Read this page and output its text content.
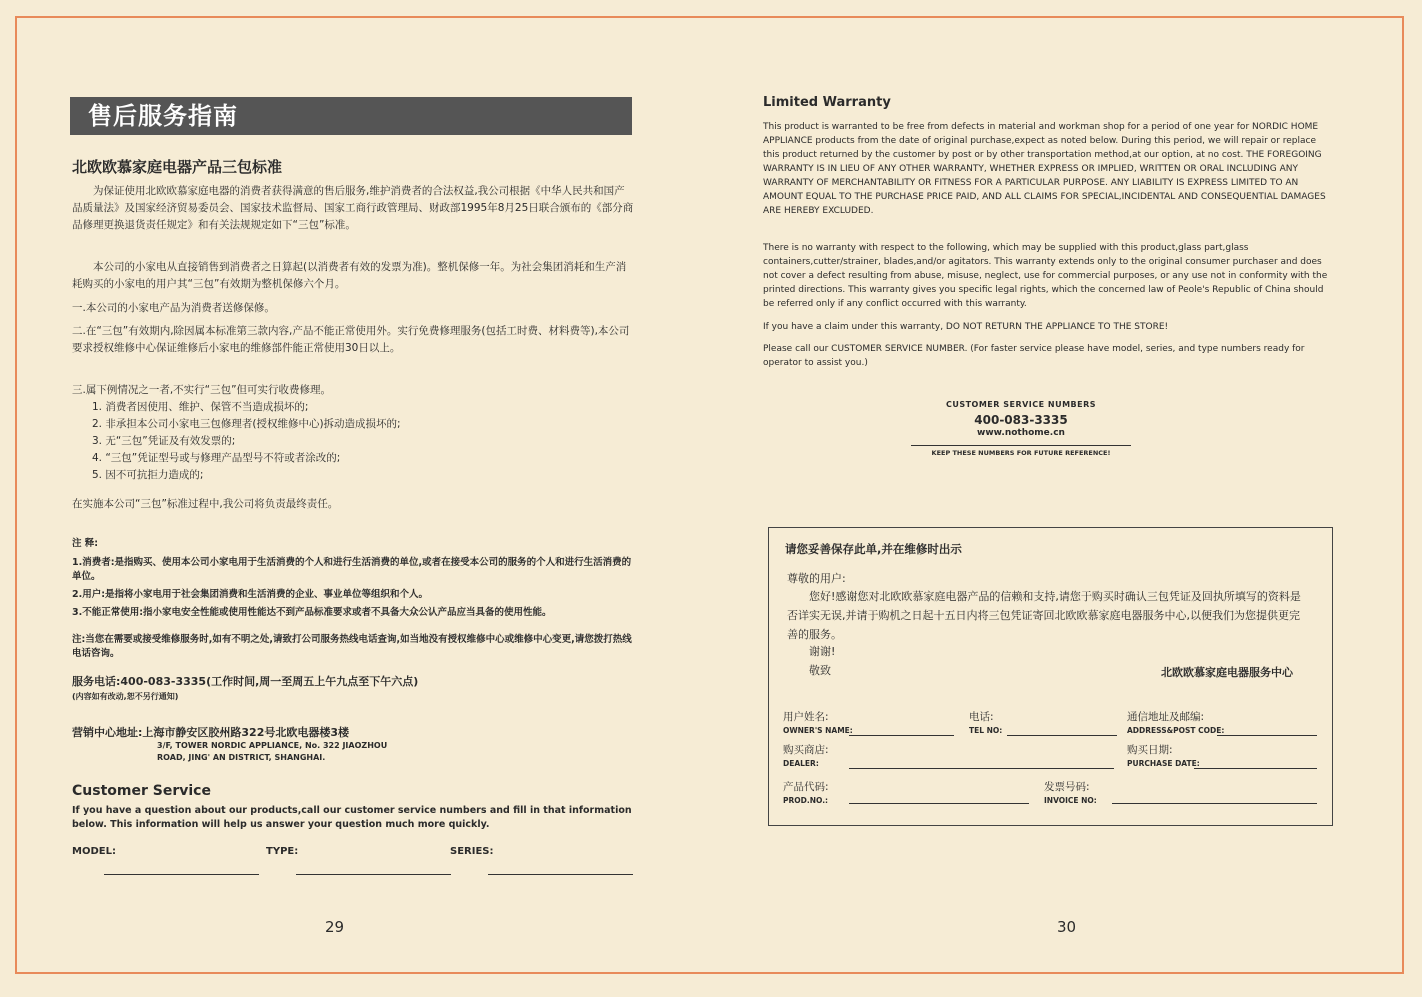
售后服务指南
北欧欧慕家庭电器产品三包标准
为保证使用北欧欧慕家庭电器的消费者获得满意的售后服务,维护消费者的合法权益,我公司根据《中华人民共和国产品质量法》及国家经济贸易委员会、国家技术监督局、国家工商行政管理局、财政部1995年8月25日联合颁布的《部分商品修理更换退货责任规定》和有关法规规定如下“三包”标准。
本公司的小家电从直接销售到消费者之日算起(以消费者有效的发票为准)。整机保修一年。为社会集团消耗和生产消耗购买的小家电的用户其“三包”有效期为整机保修六个月。
一.本公司的小家电产品为消费者送修保修。
二.在“三包”有效期内,除因属本标准第三款内容,产品不能正常使用外。实行免费修理服务(包括工时费、材料费等),本公司要求授权维修中心保证维修后小家电的维修部件能正常使用30日以上。
三.属下例情况之一者,不实行“三包”但可实行收费修理。
1. 消费者因使用、维护、保管不当造成损坏的;
2. 非承担本公司小家电三包修理者(授权维修中心)拆动造成损坏的;
3. 无“三包”凭证及有效发票的;
4. “三包”凭证型号或与修理产品型号不符或者涂改的;
5. 因不可抗拒力造成的;
在实施本公司“三包”标准过程中,我公司将负责最终责任。
注 释:
1.消费者:是指购买、使用本公司小家电用于生活消费的个人和进行生活消费的单位,或者在接受本公司的服务的个人和进行生活消费的单位。
2.用户:是指将小家电用于社会集团消费和生活消费的企业、事业单位等组织和个人。
3.不能正常使用:指小家电安全性能或使用性能达不到产品标准要求或者不具备大众公认产品应当具备的使用性能。
注:当您在需要或接受维修服务时,如有不明之处,请致打公司服务热线电话查询,如当地没有授权维修中心或维修中心变更,请您拨打热线电话咨询。
服务电话:400-083-3335(工作时间,周一至周五上午九点至下午六点)
(内容如有改动,恕不另行通知)
营销中心地址:上海市静安区胶州路322号北欧电器楼3楼
3/F, TOWER NORDIC APPLIANCE, No. 322 JIAOZHOU ROAD, JING' AN DISTRICT, SHANGHAI.
Customer Service
If you have a question about our products,call our customer service numbers and fill in that information below. This information will help us answer your question much more quickly.
MODEL:	TYPE:	SERIES:
29
Limited Warranty
This product is warranted to be free from defects in material and workman shop for a period of one year for NORDIC HOME APPLIANCE products from the date of original purchase,expect as noted below. During this period, we will repair or replace this product returned by the customer by post or by other transportation method,at our option, at no cost. THE FOREGOING WARRANTY IS IN LIEU OF ANY OTHER WARRANTY, WHETHER EXPRESS OR IMPLIED, WRITTEN OR ORAL INCLUDING ANY WARRANTY OF MERCHANTABILITY OR FITNESS FOR A PARTICULAR PURPOSE. ANY LIABILITY IS EXPRESS LIMITED TO AN AMOUNT EQUAL TO THE PURCHASE PRICE PAID, AND ALL CLAIMS FOR SPECIAL,INCIDENTAL AND CONSEQUENTIAL DAMAGES ARE HEREBY EXCLUDED.
There is no warranty with respect to the following, which may be supplied with this product,glass part,glass containers,cutter/strainer, blades,and/or agitators. This warranty extends only to the original consumer purchaser and does not cover a defect resulting from abuse, misuse, neglect, use for commercial purposes, or any use not in conformity with the printed directions. This warranty gives you specific legal rights, which the concerned law of Peole's Republic of China should be referred only if any conflict occurred with this warranty.
If you have a claim under this warranty, DO NOT RETURN THE APPLIANCE TO THE STORE!
Please call our CUSTOMER SERVICE NUMBER. (For faster service please have model, series, and type numbers ready for operator to assist you.)
CUSTOMER SERVICE NUMBERS
400-083-3335
www.nothome.cn
KEEP THESE NUMBERS FOR FUTURE REFERENCE!
请您妥善保存此单,并在维修时出示
尊敬的用户:
您好!感谢您对北欧欧慕家庭电器产品的信赖和支持,请您于购买时确认三包凭证及回执所填写的资料是否详实无误,并请于购机之日起十五日内将三包凭证寄回北欧欧慕家庭电器服务中心,以便我们为您提供更完善的服务。
谢谢!
敬致	北欧欧慕家庭电器服务中心
用户姓名:
OWNER'S NAME:
电话:
TEL NO:
通信地址及邮编:
ADDRESS&POST CODE:
购买商店:
DEALER:
购买日期:
PURCHASE DATE:
产品代码:
PROD.NO.:
发票号码:
INVOICE NO:
30
